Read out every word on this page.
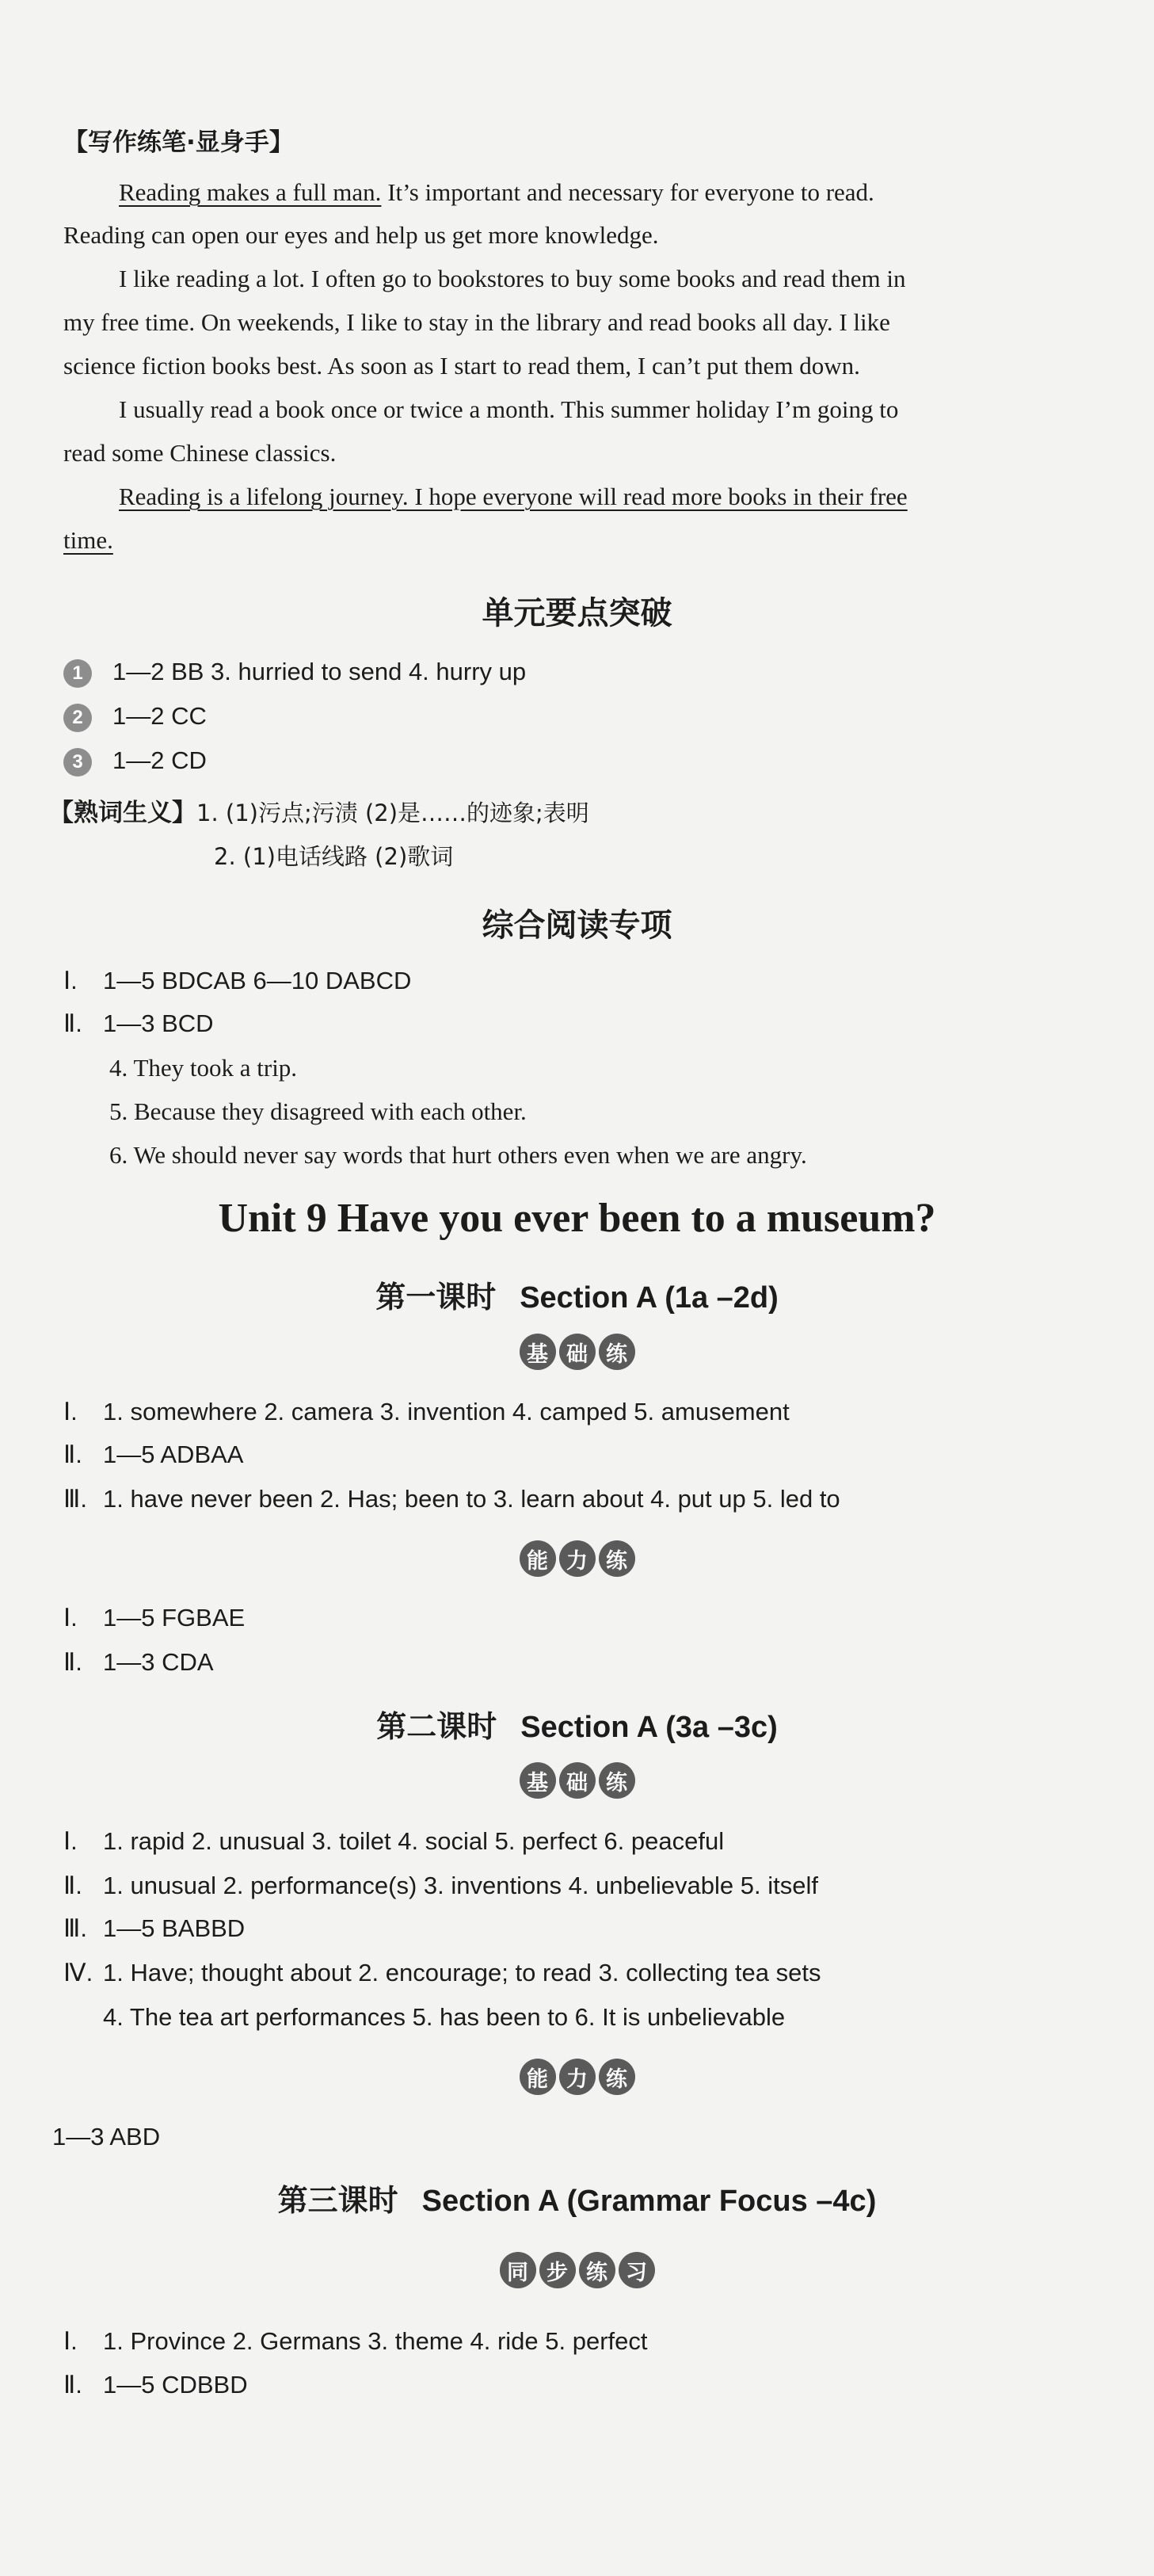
【写作练笔·显身手】
Reading makes a full man. It’s important and necessary for everyone to read.
Reading can open our eyes and help us get more knowledge.
I like reading a lot. I often go to bookstores to buy some books and read them in
my free time. On weekends, I like to stay in the library and read books all day. I like
science fiction books best. As soon as I start to read them, I can’t put them down.
I usually read a book once or twice a month. This summer holiday I’m going to
read some Chinese classics.
Reading is a lifelong journey. I hope everyone will read more books in their free
time.
单元要点突破
1 1—2 BB 3. hurried to send 4. hurry up
2 1—2 CC
3 1—2 CD
【熟词生义】1. (1)污点;污渍 (2)是……的迹象;表明
2. (1)电话线路 (2)歌词
综合阅读专项
Ⅰ. 1—5 BDCAB 6—10 DABCD
Ⅱ. 1—3 BCD
4. They took a trip.
5. Because they disagreed with each other.
6. We should never say words that hurt others even when we are angry.
Unit 9 Have you ever been to a museum?
第一课时 Section A (1a –2d)
基 础 练
Ⅰ. 1. somewhere 2. camera 3. invention 4. camped 5. amusement
Ⅱ. 1—5 ADBAA
Ⅲ. 1. have never been 2. Has; been to 3. learn about 4. put up 5. led to
能 力 练
Ⅰ. 1—5 FGBAE
Ⅱ. 1—3 CDA
第二课时 Section A (3a –3c)
基 础 练
Ⅰ. 1. rapid 2. unusual 3. toilet 4. social 5. perfect 6. peaceful
Ⅱ. 1. unusual 2. performance(s) 3. inventions 4. unbelievable 5. itself
Ⅲ. 1—5 BABBD
Ⅳ. 1. Have; thought about 2. encourage; to read 3. collecting tea sets
4. The tea art performances 5. has been to 6. It is unbelievable
能 力 练
1—3 ABD
第三课时 Section A (Grammar Focus –4c)
同 步 练 习
Ⅰ. 1. Province 2. Germans 3. theme 4. ride 5. perfect
Ⅱ. 1—5 CDBBD
